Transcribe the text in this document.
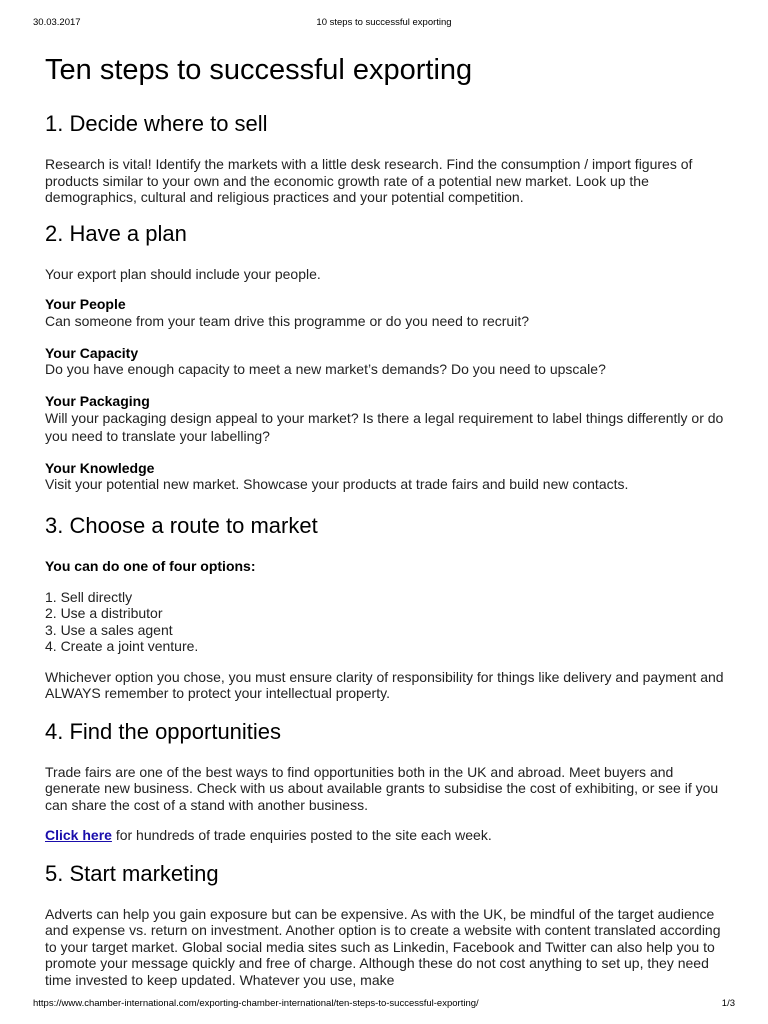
30.03.2017	10 steps to successful exporting
Ten steps to successful exporting
1. Decide where to sell

Research is vital! Identify the markets with a little desk research. Find the consumption / import figures of products similar to your own and the economic growth rate of a potential new market. Look up the demographics, cultural and religious practices and your potential competition.

2. Have a plan

Your export plan should include your people.

Your People
Can someone from your team drive this programme or do you need to recruit?
Your Capacity
Do you have enough capacity to meet a new market’s demands? Do you need to upscale?
Your Packaging
Will your packaging design appeal to your market? Is there a legal requirement to label things differently or do you need to translate your labelling?
Your Knowledge
Visit your potential new market. Showcase your products at trade fairs and build new contacts.
3. Choose a route to market

You can do one of four options:

1. Sell directly
2. Use a distributor
3. Use a sales agent
4. Create a joint venture.

Whichever option you chose, you must ensure clarity of responsibility for things like delivery and payment and ALWAYS remember to protect your intellectual property.

4. Find the opportunities

Trade fairs are one of the best ways to find opportunities both in the UK and abroad. Meet buyers and generate new business. Check with us about available grants to subsidise the cost of exhibiting, or see if you can share the cost of a stand with another business.

Click here for hundreds of trade enquiries posted to the site each week.

5. Start marketing

Adverts can help you gain exposure but can be expensive. As with the UK, be mindful of the target audience and expense vs. return on investment. Another option is to create a website with content translated according to your target market. Global social media sites such as Linkedin, Facebook and Twitter can also help you to promote your message quickly and free of charge. Although these do not cost anything to set up, they need time invested to keep updated. Whatever you use, make

https://www.chamber-international.com/exporting-chamber-international/ten-steps-to-successful-exporting/	1/3
